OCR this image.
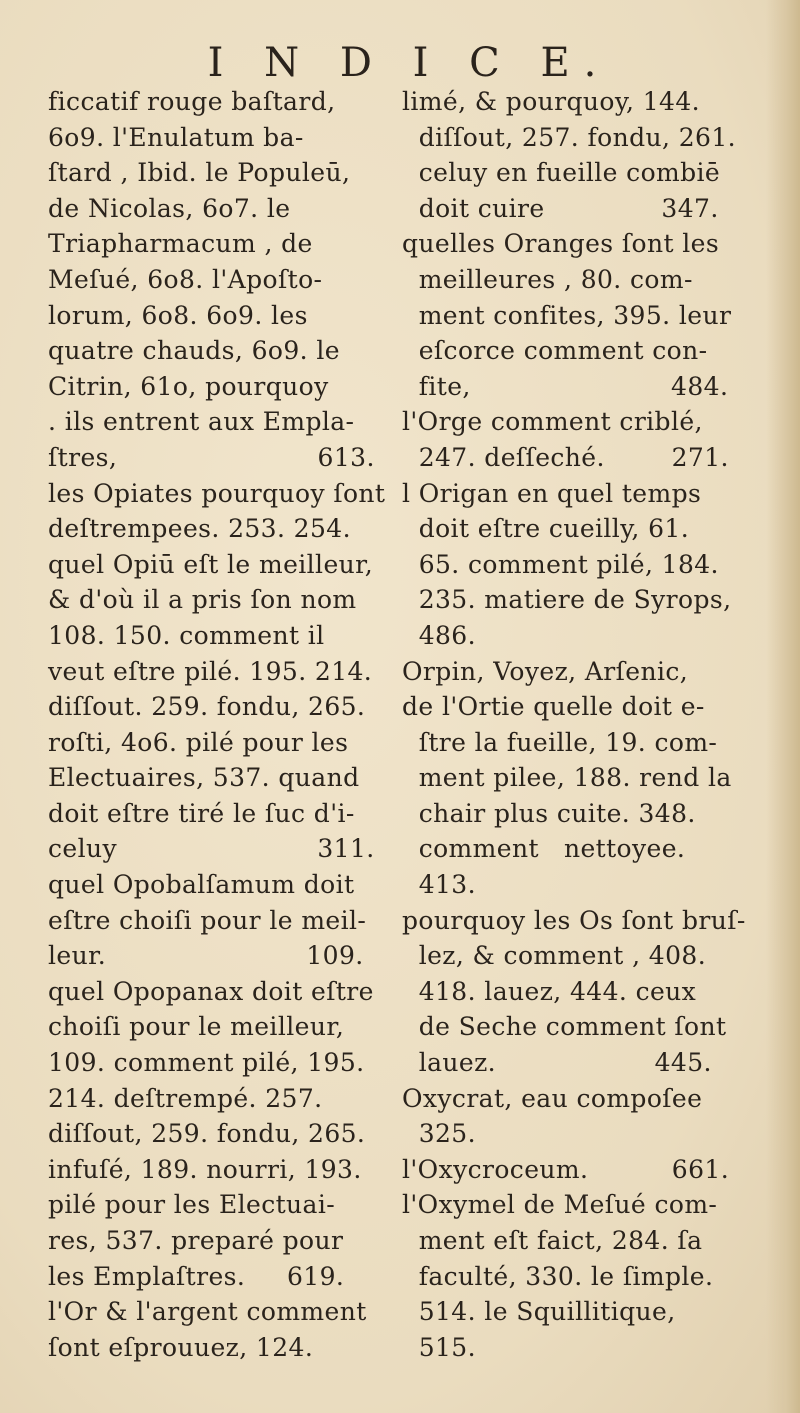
I N D I C E.
ficcatif rouge baſtard,
6o9. l'Enulatum ba-
ſtard , Ibid. le Populeū,
de Nicolas, 6o7. le
Triapharmacum , de
Meſué, 6o8. l'Apoſto-
lorum, 6o8. 6o9. les
quatre chauds, 6o9. le
Citrin, 61o, pourquoy
. ils entrent aux Empla-
ſtres,                        613.
les Opiates pourquoy ſont
deſtrempees. 253. 254.
quel Opiū eſt le meilleur,
& d'où il a pris ſon nom
108. 150. comment il
veut eſtre pilé. 195. 214.
diſſout. 259. fondu, 265.
roſti, 4o6. pilé pour les
Electuaires, 537. quand
doit eſtre tiré le ſuc d'i-
celuy                        311.
quel Opobalſamum doit
eſtre choiſi pour le meil-
leur.                        109.
quel Opopanax doit eſtre
choiſi pour le meilleur,
109. comment pilé, 195.
214. deſtrempé. 257.
diſſout, 259. fondu, 265.
infuſé, 189. nourri, 193.
pilé pour les Electuai-
res, 537. preparé pour
les Emplaſtres.     619.
l'Or & l'argent comment
ſont eſprouuez, 124.
limé, & pourquoy, 144.
diſſout, 257. fondu, 261.
celuy en fueille combiē
doit cuire              347.
quelles Oranges ſont les
meilleures , 80. com-
ment confites, 395. leur
eſcorce comment con-
fite,                        484.
l'Orge comment criblé,
247. deſſeché.        271.
l Origan en quel temps
doit eſtre cueilly, 61.
65. comment pilé, 184.
235. matiere de Syrops,
486.
Orpin, Voyez, Arſenic,
de l'Ortie quelle doit e-
ſtre la fueille, 19. com-
ment pilee, 188. rend la
chair plus cuite. 348.
comment   nettoyee.
413.
pourquoy les Os ſont bruſ-
lez, & comment , 408.
418. lauez, 444. ceux
de Seche comment ſont
lauez.                   445.
Oxycrat, eau compoſee
325.
l'Oxycroceum.          661.
l'Oxymel de Meſué com-
ment eſt faict, 284. ſa
faculté, 330. le ſimple.
514. le Squillitique,
515.
